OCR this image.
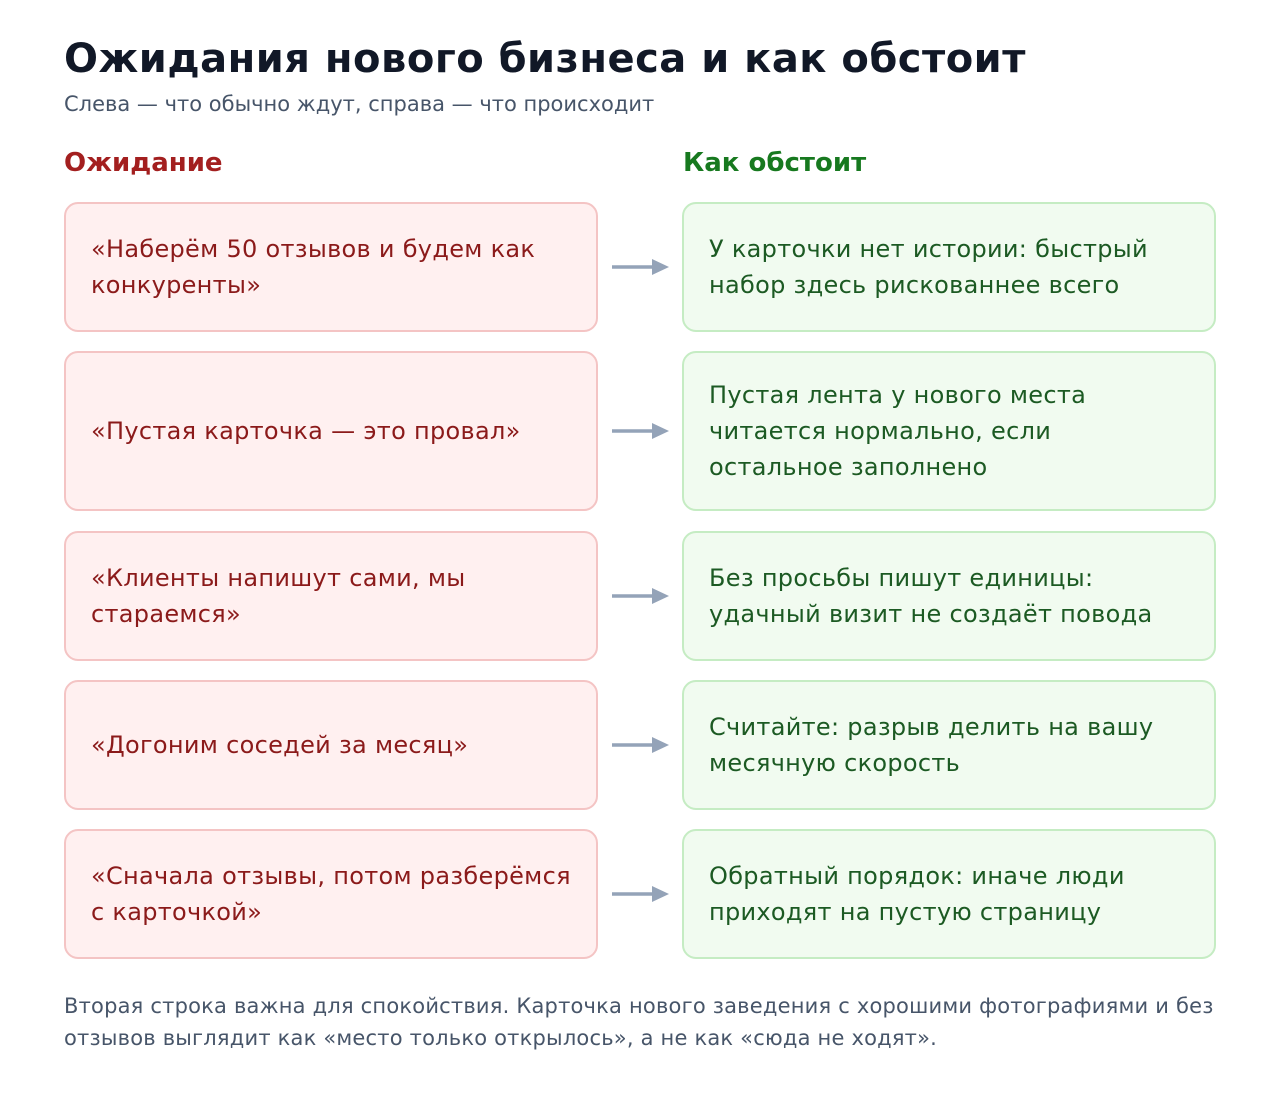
Ожидания нового бизнеса и как обстоит
Слева — что обычно ждут, справа — что происходит
Ожидание	Как обстоит
«Наберём 50 отзывов и будем как конкуренты»
У карточки нет истории: быстрый набор здесь рискованнее всего
«Пустая карточка — это провал»
Пустая лента у нового места читается нормально, если остальное заполнено
«Клиенты напишут сами, мы стараемся»
Без просьбы пишут единицы: удачный визит не создаёт повода
«Догоним соседей за месяц»
Считайте: разрыв делить на вашу месячную скорость
«Сначала отзывы, потом разберёмся с карточкой»
Обратный порядок: иначе люди приходят на пустую страницу
Вторая строка важна для спокойствия. Карточка нового заведения с хорошими фотографиями и без отзывов выглядит как «место только открылось», а не как «сюда не ходят».
